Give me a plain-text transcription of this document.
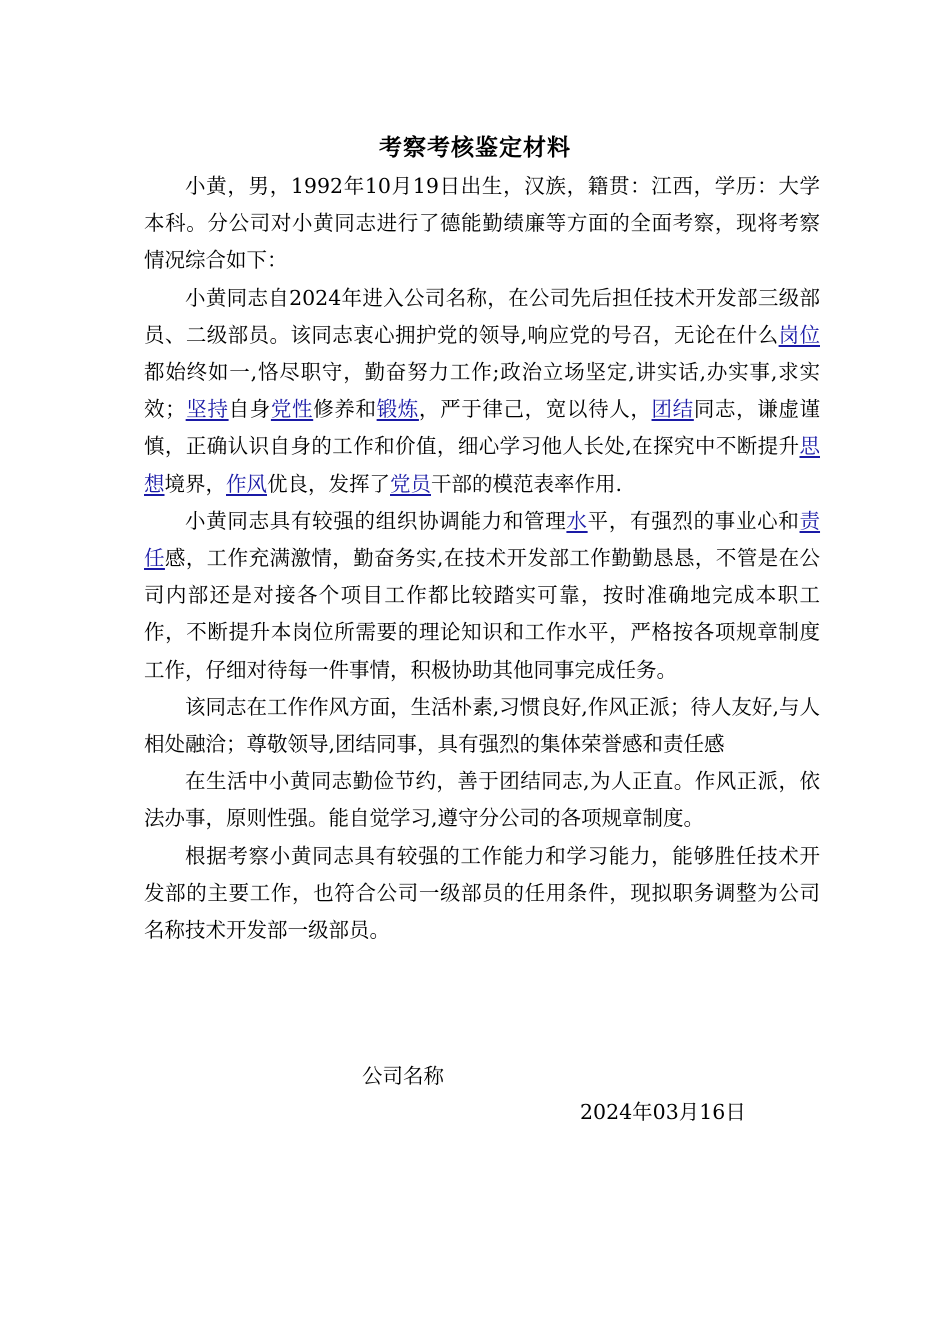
考察考核鉴定材料

小黄，男，1992年10月19日出生，汉族，籍贯：江西，学历：大学本科。分公司对小黄同志进行了德能勤绩廉等方面的全面考察，现将考察情况综合如下：

小黄同志自2024年进入公司名称，在公司先后担任技术开发部三级部员、二级部员。该同志衷心拥护党的领导,响应党的号召，无论在什么岗位都始终如一,恪尽职守，勤奋努力工作;政治立场坚定,讲实话,办实事,求实效；坚持自身党性修养和锻炼，严于律己，宽以待人，团结同志，谦虚谨慎，正确认识自身的工作和价值，细心学习他人长处,在探究中不断提升思想境界，作风优良，发挥了党员干部的模范表率作用.

小黄同志具有较强的组织协调能力和管理水平，有强烈的事业心和责任感，工作充满激情，勤奋务实,在技术开发部工作勤勤恳恳，不管是在公司内部还是对接各个项目工作都比较踏实可靠，按时准确地完成本职工作，不断提升本岗位所需要的理论知识和工作水平，严格按各项规章制度工作，仔细对待每一件事情，积极协助其他同事完成任务。

该同志在工作作风方面，生活朴素,习惯良好,作风正派；待人友好,与人相处融洽；尊敬领导,团结同事，具有强烈的集体荣誉感和责任感

在生活中小黄同志勤俭节约，善于团结同志,为人正直。作风正派，依法办事，原则性强。能自觉学习,遵守分公司的各项规章制度。

根据考察小黄同志具有较强的工作能力和学习能力，能够胜任技术开发部的主要工作，也符合公司一级部员的任用条件，现拟职务调整为公司名称技术开发部一级部员。

公司名称
2024年03月16日
